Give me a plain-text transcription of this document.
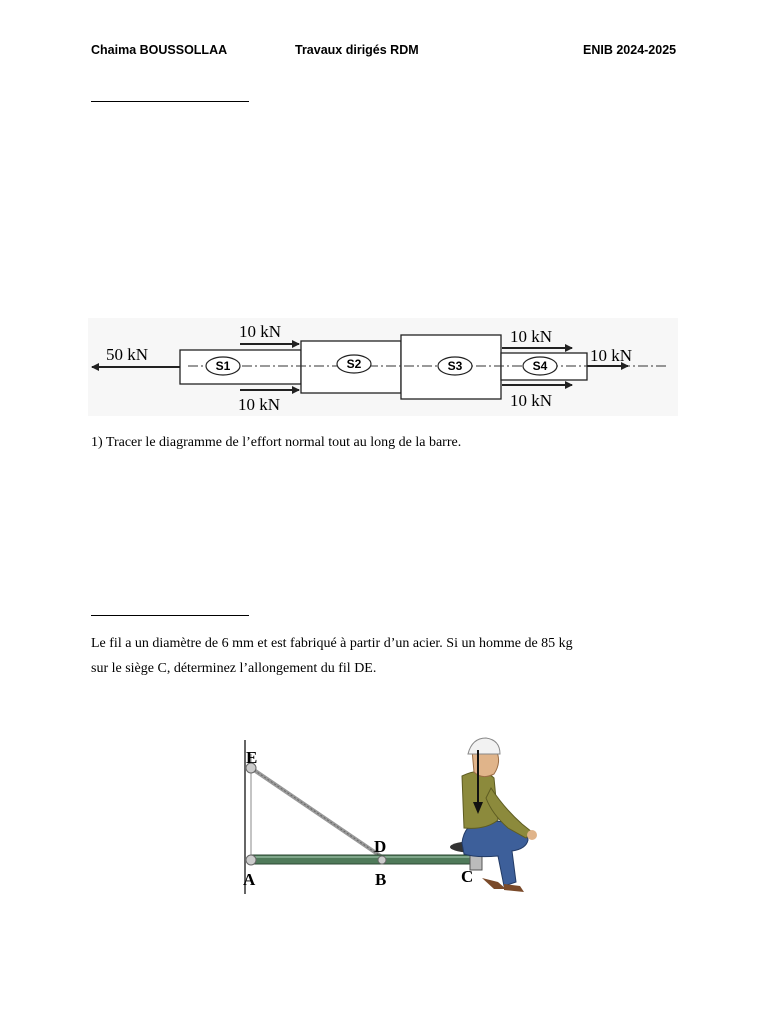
Chaima BOUSSOLLAA	Travaux dirigés RDM	ENIB 2024-2025
S1	S2	S3	S4
50 kN
10 kN
10 kN
10 kN
10 kN
10 kN
1) Tracer le diagramme de l’effort normal tout au long de la barre.
Le fil a un diamètre de 6 mm et est fabriqué à partir d’un acier. Si un homme de 85 kg
sur le siège C, déterminez l’allongement du fil DE.
E
D
A	B	C
